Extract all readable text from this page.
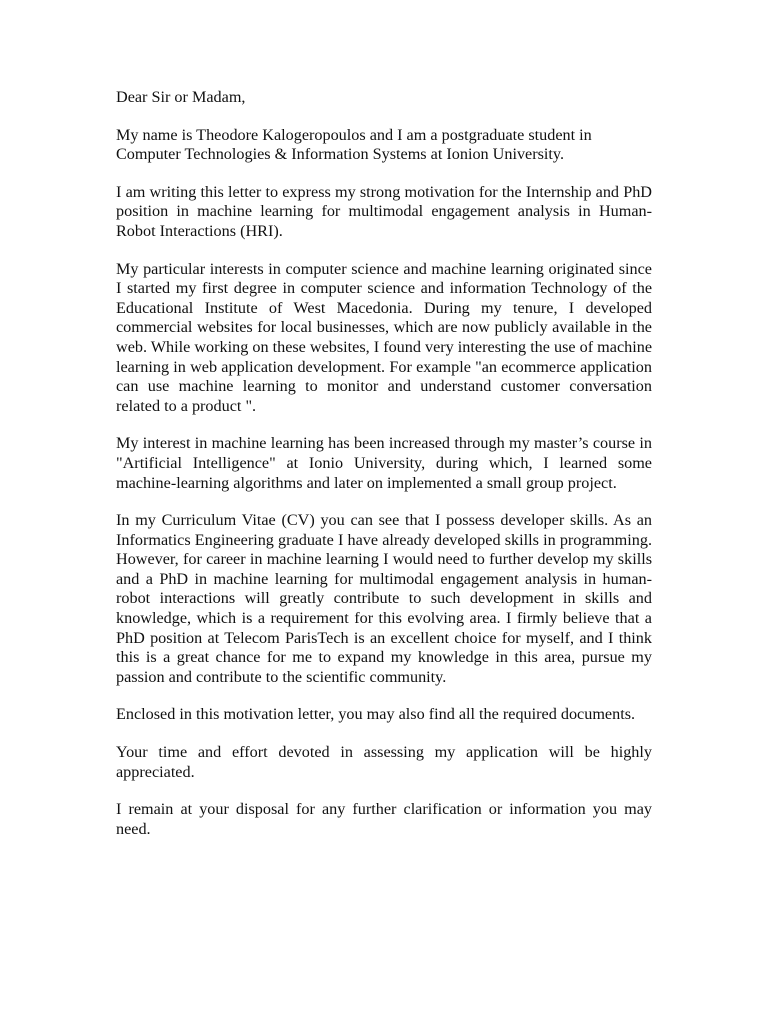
Dear Sir or Madam,

My name is Theodore Kalogeropoulos and I am a postgraduate student in Computer Technologies & Information Systems at Ionion University.

I am writing this letter to express my strong motivation for the Internship and PhD position in machine learning for multimodal engagement analysis in Human-Robot Interactions (HRI).

My particular interests in computer science and machine learning originated since I started my first degree in computer science and information Technology of the Educational Institute of West Macedonia. During my tenure, I developed commercial websites for local businesses, which are now publicly available in the web. While working on these websites, I found very interesting the use of machine learning in web application development. For example "an ecommerce application can use machine learning to monitor and understand customer conversation related to a product ".

My interest in machine learning has been increased through my master’s course in "Artificial Intelligence" at Ionio University, during which, I learned some machine-learning algorithms and later on implemented a small group project.

In my Curriculum Vitae (CV) you can see that I possess developer skills. As an Informatics Engineering graduate I have already developed skills in programming. However, for career in machine learning I would need to further develop my skills and a PhD in machine learning for multimodal engagement analysis in human-robot interactions will greatly contribute to such development in skills and knowledge, which is a requirement for this evolving area. I firmly believe that a PhD position at Telecom ParisTech is an excellent choice for myself, and I think this is a great chance for me to expand my knowledge in this area, pursue my passion and contribute to the scientific community.

Enclosed in this motivation letter, you may also find all the required documents.

Your time and effort devoted in assessing my application will be highly appreciated.

I remain at your disposal for any further clarification or information you may need.
